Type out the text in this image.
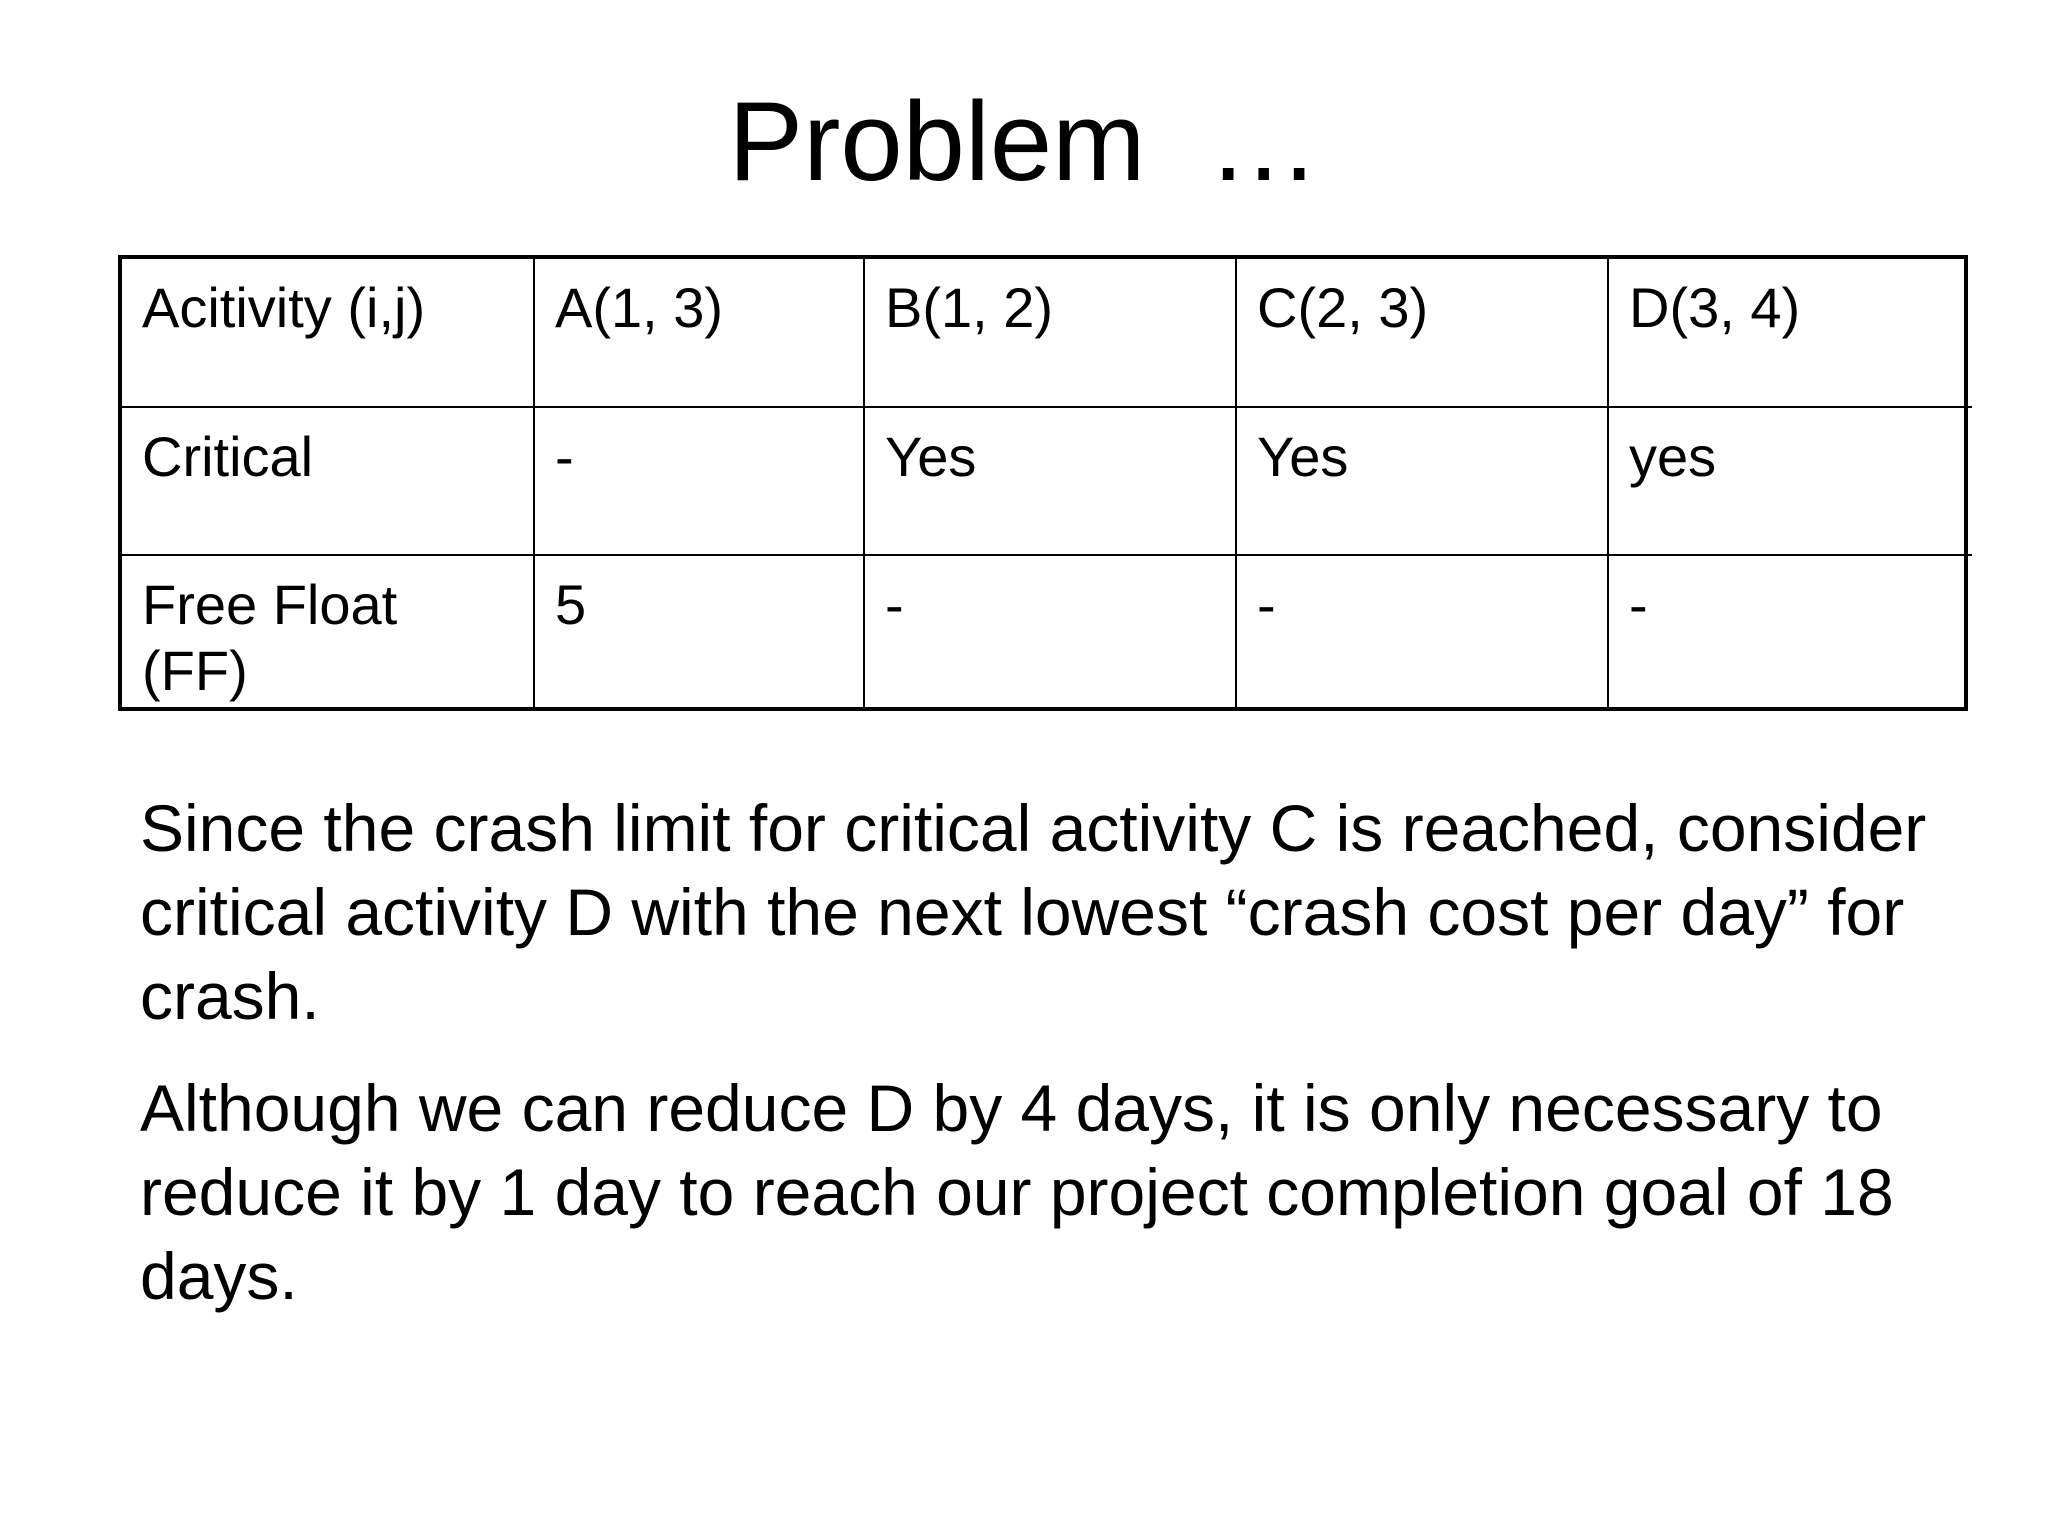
Problem  …
Acitivity (i,j)	A(1, 3)	B(1, 2)	C(2, 3)	D(3, 4)
Critical	-	Yes	Yes	yes
Free Float
(FF)	5	-	-	-

Since the crash limit for critical activity C is reached, consider critical activity D with the next lowest “crash cost per day” for crash.

Although we can reduce D by 4 days, it is only necessary to reduce it by 1 day to reach our project completion goal of 18 days.
